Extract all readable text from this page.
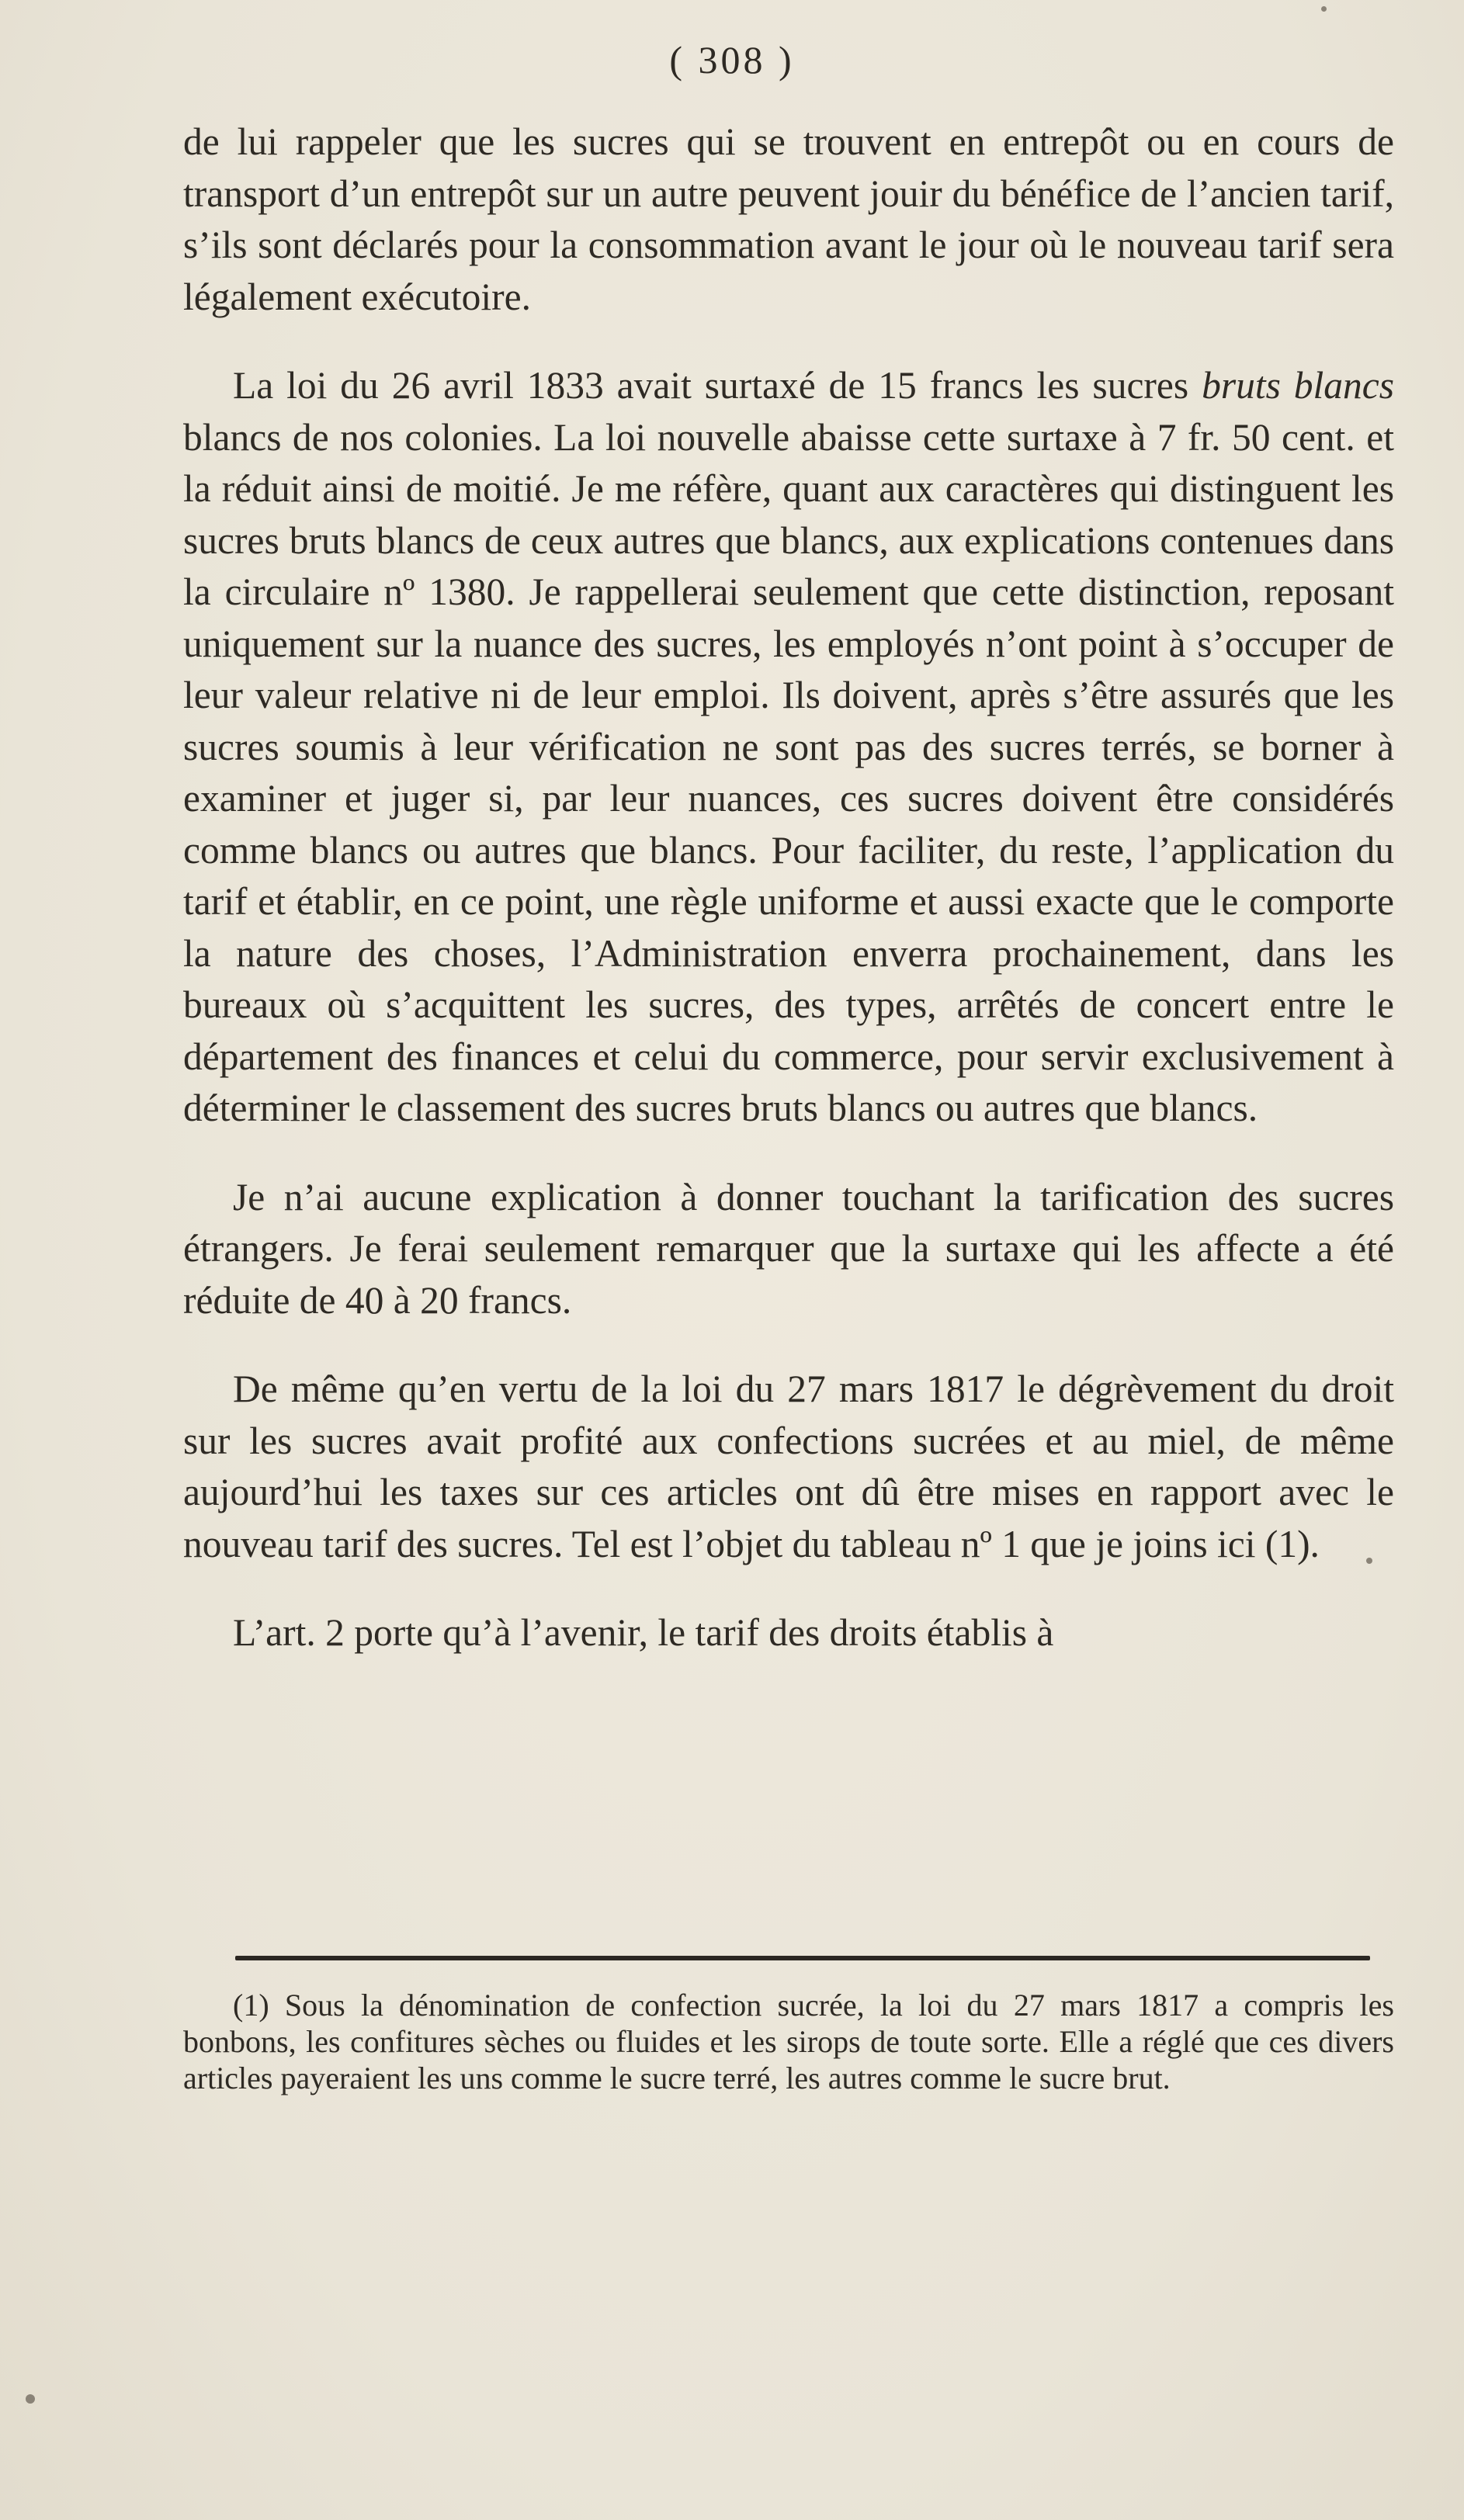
( 308 )

de lui rappeler que les sucres qui se trouvent en entrepôt ou en cours de transport d’un entrepôt sur un autre peuvent jouir du bénéfice de l’ancien tarif, s’ils sont déclarés pour la consommation avant le jour où le nouveau tarif sera légalement exécutoire.

La loi du 26 avril 1833 avait surtaxé de 15 francs les sucres bruts blancs blancs de nos colonies. La loi nouvelle abaisse cette surtaxe à 7 fr. 50 cent. et la réduit ainsi de moitié. Je me réfère, quant aux caractères qui distinguent les sucres bruts blancs de ceux autres que blancs, aux explications contenues dans la circulaire nº 1380. Je rappellerai seulement que cette distinction, reposant uniquement sur la nuance des sucres, les employés n’ont point à s’occuper de leur valeur relative ni de leur emploi. Ils doivent, après s’être assurés que les sucres soumis à leur vérification ne sont pas des sucres terrés, se borner à examiner et juger si, par leur nuances, ces sucres doivent être considérés comme blancs ou autres que blancs. Pour faciliter, du reste, l’application du tarif et établir, en ce point, une règle uniforme et aussi exacte que le comporte la nature des choses, l’Administration enverra prochainement, dans les bureaux où s’acquittent les sucres, des types, arrêtés de concert entre le département des finances et celui du commerce, pour servir exclusivement à déterminer le classement des sucres bruts blancs ou autres que blancs.

Je n’ai aucune explication à donner touchant la tarification des sucres étrangers. Je ferai seulement remarquer que la surtaxe qui les affecte a été réduite de 40 à 20 francs.

De même qu’en vertu de la loi du 27 mars 1817 le dégrèvement du droit sur les sucres avait profité aux confections sucrées et au miel, de même aujourd’hui les taxes sur ces articles ont dû être mises en rapport avec le nouveau tarif des sucres. Tel est l’objet du tableau nº 1 que je joins ici (1).

L’art. 2 porte qu’à l’avenir, le tarif des droits établis à

(1) Sous la dénomination de confection sucrée, la loi du 27 mars 1817 a compris les bonbons, les confitures sèches ou fluides et les sirops de toute sorte. Elle a réglé que ces divers articles payeraient les uns comme le sucre terré, les autres comme le sucre brut.
